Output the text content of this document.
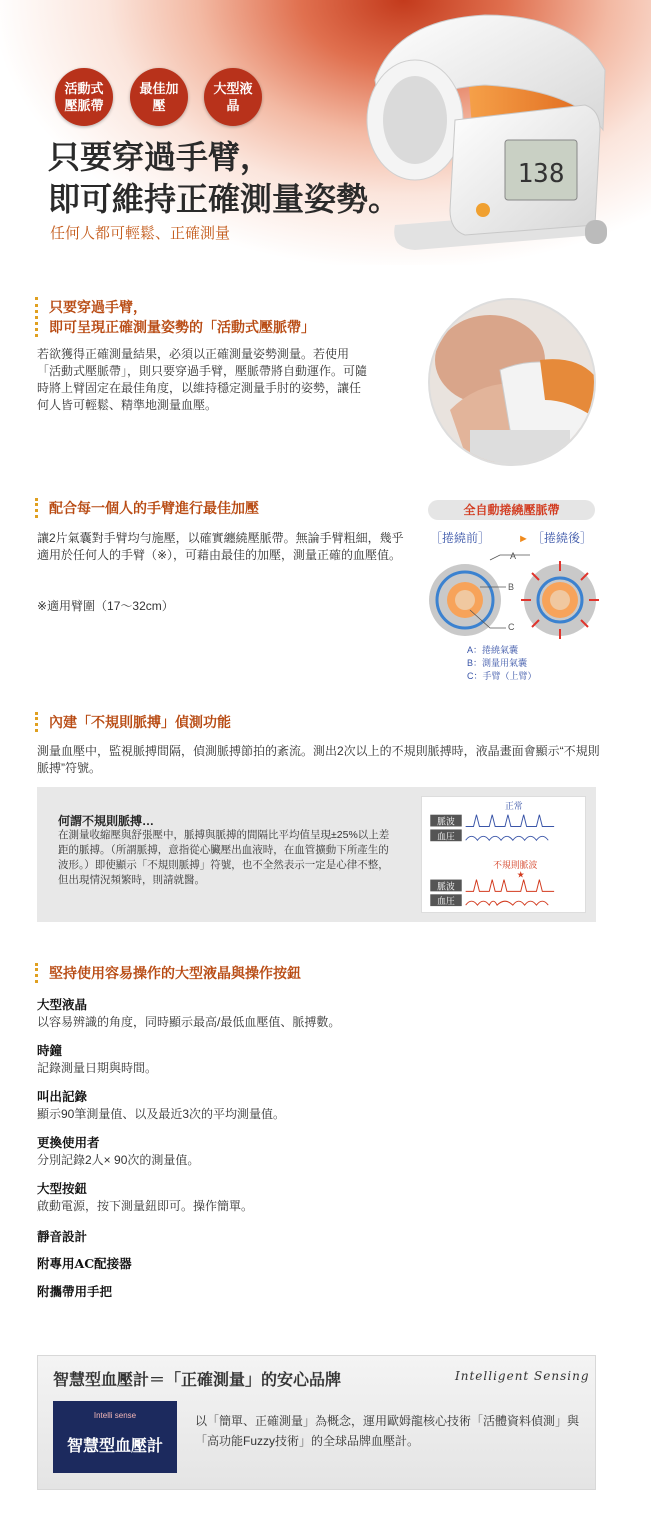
活動式壓脈帶
最佳加壓
大型液晶
只要穿過手臂，
即可維持正確測量姿勢。
任何人都可輕鬆、正確測量
138
只要穿過手臂，
即可呈現正確測量姿勢的「活動式壓脈帶」
若欲獲得正確測量結果，必須以正確測量姿勢測量。若使用「活動式壓脈帶」，則只要穿過手臂，壓脈帶將自動運作。可隨時將上臂固定在最佳角度，以維持穩定測量手肘的姿勢，讓任何人皆可輕鬆、精準地測量血壓。
配合每一個人的手臂進行最佳加壓
讓2片氣囊對手臂均勻施壓，以確實纏繞壓脈帶。無論手臂粗細，幾乎適用於任何人的手臂（※），可藉由最佳的加壓，測量正確的血壓值。
※適用臂圍（17～32cm）
全自動捲繞壓脈帶
［捲繞前］	► ［捲繞後］
A
B
C
A：捲繞氣囊
B：測量用氣囊
C：手臂（上臂）
內建「不規則脈搏」偵測功能
測量血壓中，監視脈搏間隔，偵測脈搏節拍的紊流。測出2次以上的不規則脈搏時，液晶畫面會顯示“不規則脈搏”符號。
何謂不規則脈搏…
在測量收縮壓與舒張壓中，脈搏與脈搏的間隔比平均值呈現±25%以上差距的脈搏。（所謂脈搏，意指從心臟壓出血液時，在血管擴動下所產生的波形。）即使顯示「不規則脈搏」符號，也不全然表示一定是心律不整，但出現情況頻繁時，則請就醫。
正常
脈波
血圧
不規則脈波
★
脈波
血圧
堅持使用容易操作的大型液晶與操作按鈕
大型液晶
以容易辨識的角度，同時顯示最高/最低血壓值、脈搏數。
時鐘
記錄測量日期與時間。
叫出記錄
顯示90筆測量值、以及最近3次的平均測量值。
更換使用者
分別記錄2人× 90次的測量值。
大型按鈕
啟動電源，按下測量鈕即可。操作簡單。
靜音設計
附專用AC配接器
附攜帶用手把
智慧型血壓計＝「正確測量」的安心品牌	Intelligent Sensing
Intelli sense
智慧型血壓計
以「簡單、正確測量」為概念，運用歐姆龍核心技術「活體資料偵測」與「高功能Fuzzy技術」的全球品牌血壓計。
